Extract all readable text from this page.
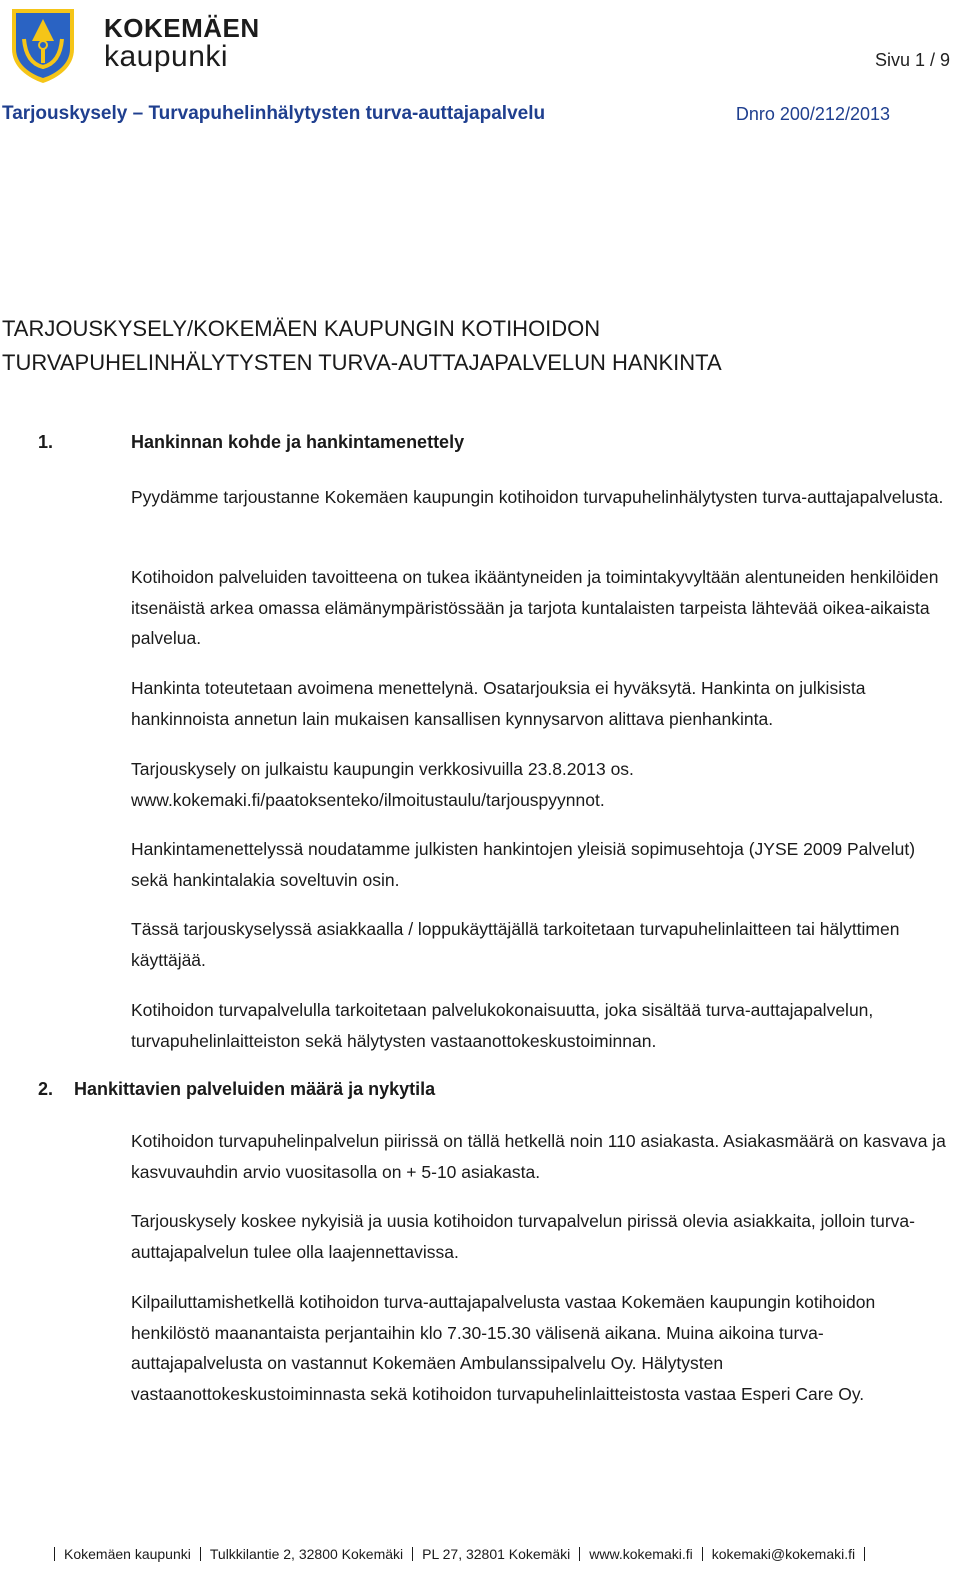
KOKEMÄEN
kaupunki	Sivu 1 / 9
Tarjouskysely – Turvapuhelinhälytysten turva-auttajapalvelu	Dnro 200/212/2013
TARJOUSKYSELY/KOKEMÄEN KAUPUNGIN KOTIHOIDON
TURVAPUHELINHÄLYTYSTEN TURVA-AUTTAJAPALVELUN HANKINTA
1.	Hankinnan kohde ja hankintamenettely
Pyydämme tarjoustanne Kokemäen kaupungin kotihoidon turvapuhelinhälytysten turva-auttajapalvelusta.
Kotihoidon palveluiden tavoitteena on tukea ikääntyneiden ja toimintakyvyltään alentuneiden henkilöiden itsenäistä arkea omassa elämänympäristössään ja tarjota kuntalaisten tarpeista lähtevää oikea-aikaista palvelua.
Hankinta toteutetaan avoimena menettelynä. Osatarjouksia ei hyväksytä. Hankinta on julkisista hankinnoista annetun lain mukaisen kansallisen kynnysarvon alittava pienhankinta.
Tarjouskysely on julkaistu kaupungin verkkosivuilla 23.8.2013 os. www.kokemaki.fi/paatoksenteko/ilmoitustaulu/tarjouspyynnot.
Hankintamenettelyssä noudatamme julkisten hankintojen yleisiä sopimusehtoja (JYSE 2009 Palvelut) sekä hankintalakia soveltuvin osin.
Tässä tarjouskyselyssä asiakkaalla / loppukäyttäjällä tarkoitetaan turvapuhelinlaitteen tai hälyttimen käyttäjää.
Kotihoidon turvapalvelulla tarkoitetaan palvelukokonaisuutta, joka sisältää turva-auttajapalvelun, turvapuhelinlaitteiston sekä hälytysten vastaanottokeskustoiminnan.
2. Hankittavien palveluiden määrä ja nykytila
Kotihoidon turvapuhelinpalvelun piirissä on tällä hetkellä noin 110 asiakasta. Asiakasmäärä on kasvava ja kasvuvauhdin arvio vuositasolla on + 5-10 asiakasta.
Tarjouskysely koskee nykyisiä ja uusia kotihoidon turvapalvelun pirissä olevia asiakkaita, jolloin turva-auttajapalvelun tulee olla laajennettavissa.
Kilpailuttamishetkellä kotihoidon turva-auttajapalvelusta vastaa Kokemäen kaupungin kotihoidon henkilöstö maanantaista perjantaihin klo 7.30-15.30 välisenä aikana. Muina aikoina turva-auttajapalvelusta on vastannut Kokemäen Ambulanssipalvelu Oy. Hälytysten vastaanottokeskustoiminnasta sekä kotihoidon turvapuhelinlaitteistosta vastaa Esperi Care Oy.
Kokemäen kaupunki Tulkkilantie 2, 32800 Kokemäki PL 27, 32801 Kokemäki www.kokemaki.fi kokemaki@kokemaki.fi
